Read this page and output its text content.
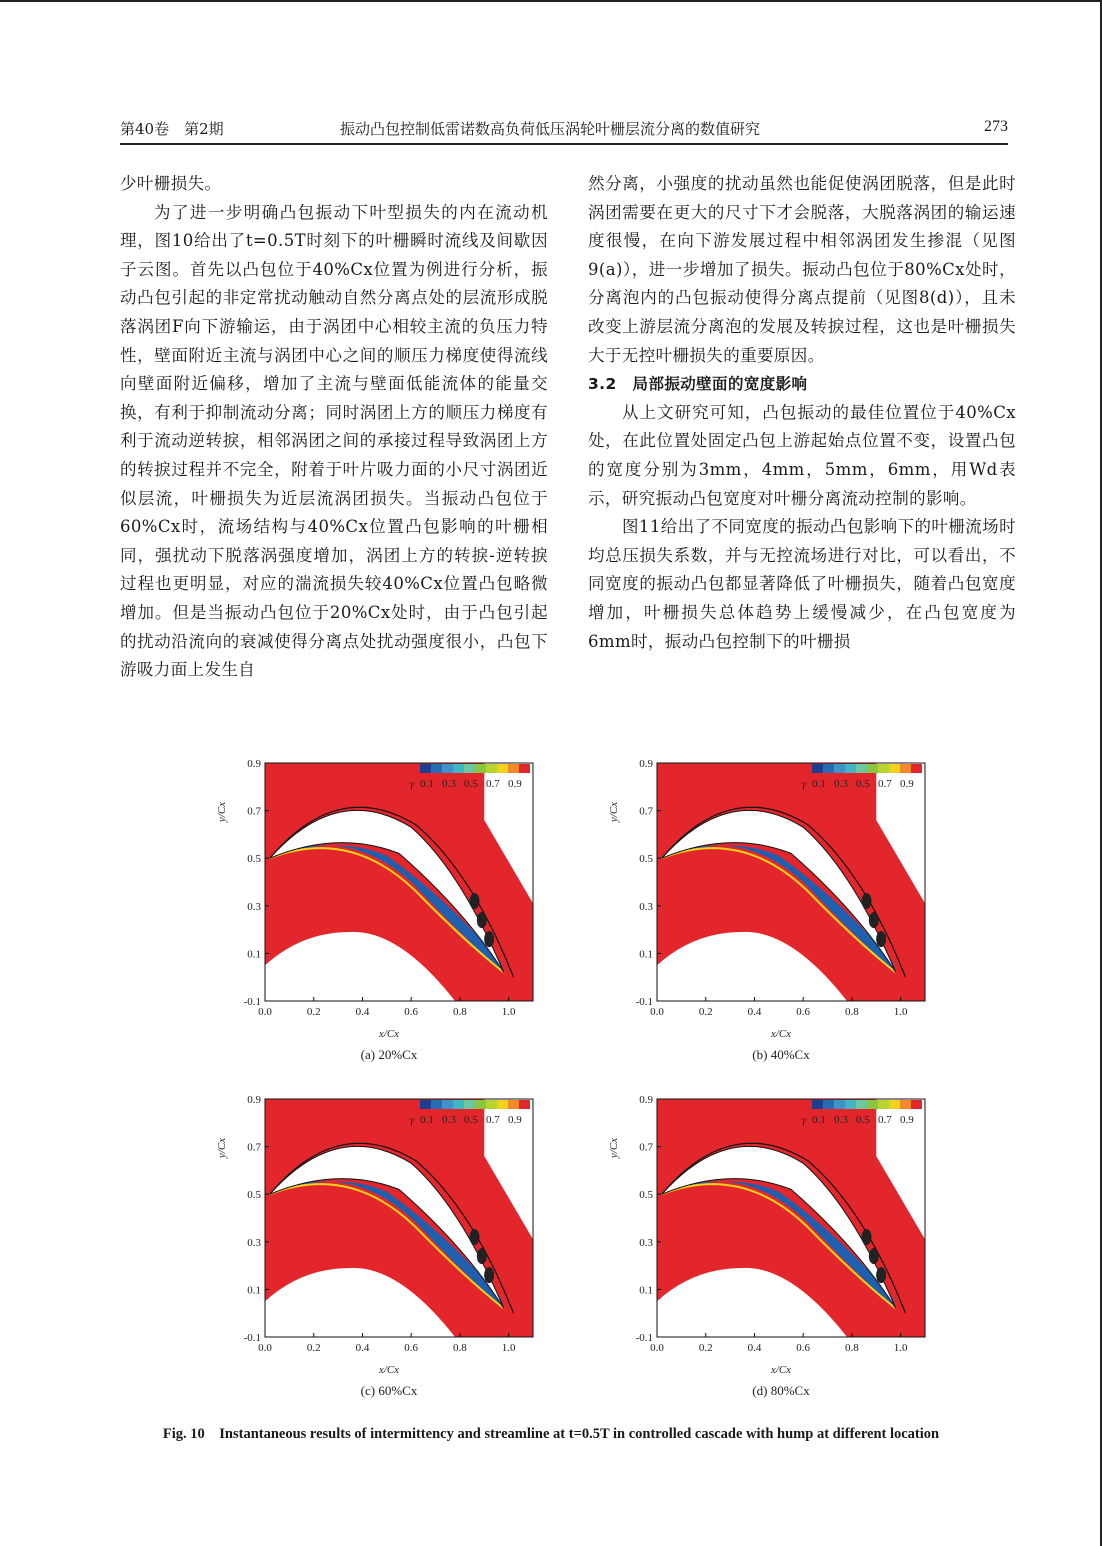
第40卷　第2期	振动凸包控制低雷诺数高负荷低压涡轮叶栅层流分离的数值研究	273

少叶栅损失。

为了进一步明确凸包振动下叶型损失的内在流动机理，图10给出了t=0.5T时刻下的叶栅瞬时流线及间歇因子云图。首先以凸包位于40%Cx位置为例进行分析，振动凸包引起的非定常扰动触动自然分离点处的层流形成脱落涡团F向下游输运，由于涡团中心相较主流的负压力特性，壁面附近主流与涡团中心之间的顺压力梯度使得流线向壁面附近偏移，增加了主流与壁面低能流体的能量交换，有利于抑制流动分离；同时涡团上方的顺压力梯度有利于流动逆转捩，相邻涡团之间的承接过程导致涡团上方的转捩过程并不完全，附着于叶片吸力面的小尺寸涡团近似层流，叶栅损失为近层流涡团损失。当振动凸包位于60%Cx时，流场结构与40%Cx位置凸包影响的叶栅相同，强扰动下脱落涡强度增加，涡团上方的转捩-逆转捩过程也更明显，对应的湍流损失较40%Cx位置凸包略微增加。但是当振动凸包位于20%Cx处时，由于凸包引起的扰动沿流向的衰减使得分离点处扰动强度很小，凸包下游吸力面上发生自

然分离，小强度的扰动虽然也能促使涡团脱落，但是此时涡团需要在更大的尺寸下才会脱落，大脱落涡团的输运速度很慢，在向下游发展过程中相邻涡团发生掺混（见图9(a)），进一步增加了损失。振动凸包位于80%Cx处时，分离泡内的凸包振动使得分离点提前（见图8(d)），且未改变上游层流分离泡的发展及转捩过程，这也是叶栅损失大于无控叶栅损失的重要原因。

3.2　局部振动壁面的宽度影响

从上文研究可知，凸包振动的最佳位置位于40%Cx处，在此位置处固定凸包上游起始点位置不变，设置凸包的宽度分别为3mm，4mm，5mm，6mm，用Wd表示，研究振动凸包宽度对叶栅分离流动控制的影响。

图11给出了不同宽度的振动凸包影响下的叶栅流场时均总压损失系数，并与无控流场进行对比，可以看出，不同宽度的振动凸包都显著降低了叶栅损失，随着凸包宽度增加，叶栅损失总体趋势上缓慢减少，在凸包宽度为6mm时，振动凸包控制下的叶栅损

Fig. 10　Instantaneous results of intermittency and streamline at t=0.5T in controlled cascade with hump at different location
γ 0.1 0.3 0.5 0.7 0.9
0.9
0.7
0.5
0.3
0.1
-0.1
0.0	0.2	0.4	0.6	0.8	1.0
x/Cx
y/Cx
(a) 20%Cx
γ 0.1 0.3 0.5 0.7 0.9
0.9
0.7
0.5
0.3
0.1
-0.1
0.0	0.2	0.4	0.6	0.8	1.0
x/Cx
y/Cx
(b) 40%Cx
γ 0.1 0.3 0.5 0.7 0.9
0.9
0.7
0.5
0.3
0.1
-0.1
0.0	0.2	0.4	0.6	0.8	1.0
x/Cx
y/Cx
(c) 60%Cx
γ 0.1 0.3 0.5 0.7 0.9
0.9
0.7
0.5
0.3
0.1
-0.1
0.0	0.2	0.4	0.6	0.8	1.0
x/Cx
y/Cx
(d) 80%Cx
